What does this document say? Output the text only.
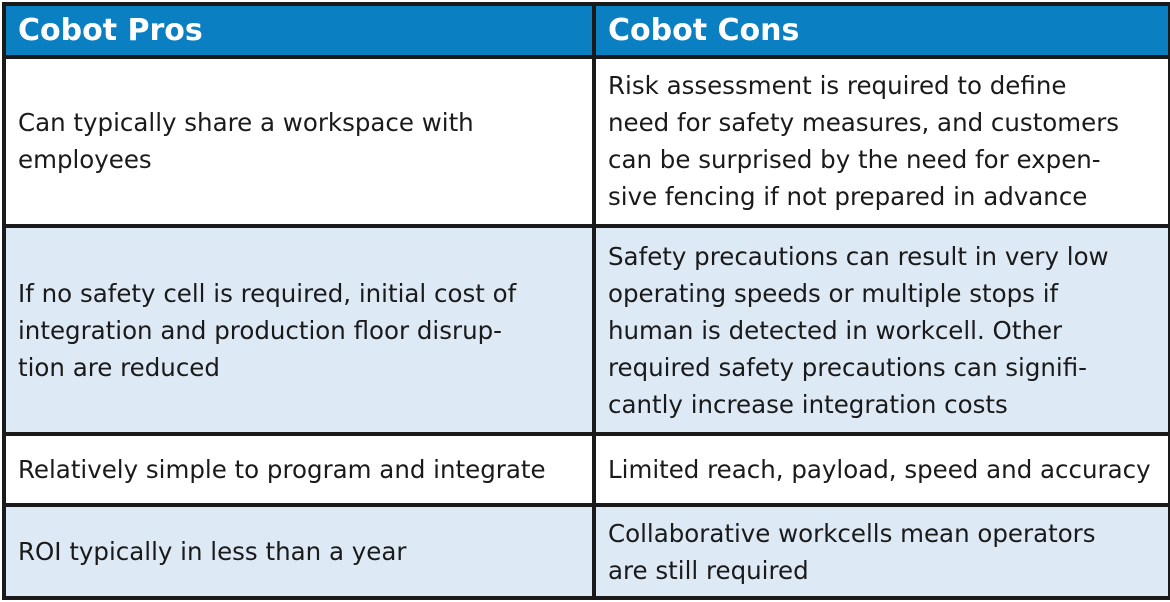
Cobot Pros	Cobot Cons

Can typically share a workspace with
employees	Risk assessment is required to define
need for safety measures, and customers
can be surprised by the need for expen-
sive fencing if not prepared in advance

If no safety cell is required, initial cost of
integration and production floor disrup-
tion are reduced	Safety precautions can result in very low
operating speeds or multiple stops if
human is detected in workcell. Other
required safety precautions can signifi-
cantly increase integration costs

Relatively simple to program and integrate	Limited reach, payload, speed and accuracy

ROI typically in less than a year	Collaborative workcells mean operators
are still required
